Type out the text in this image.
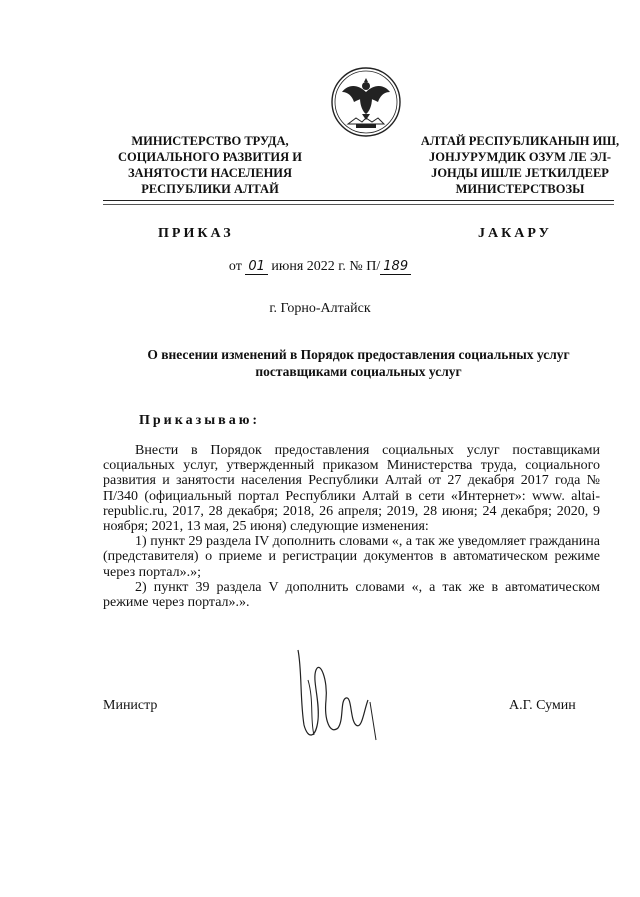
МИНИСТЕРСТВО ТРУДА,
СОЦИАЛЬНОГО РАЗВИТИЯ И
ЗАНЯТОСТИ НАСЕЛЕНИЯ
РЕСПУБЛИКИ АЛТАЙ
АЛТАЙ РЕСПУБЛИКАНЫН ИШ,
ЈОНЈУРУМДИК ОЗУМ ЛЕ ЭЛ-
ЈОНДЫ ИШЛЕ ЈЕТКИЛДЕЕР
МИНИСТЕРСТВОЗЫ
ПРИКАЗ	ЈАКАРУ
от 01 июня 2022 г. № П/ 189
г. Горно-Алтайск
О внесении изменений в Порядок предоставления социальных услуг
поставщиками социальных услуг
Приказываю:

Внести в Порядок предоставления социальных услуг поставщиками социальных услуг, утвержденный приказом Министерства труда, социального развития и занятости населения Республики Алтай от 27 декабря 2017 года № П/340 (официальный портал Республики Алтай в сети «Интернет»: www. altai-republic.ru, 2017, 28 декабря; 2018, 26 апреля; 2019, 28 июня; 24 декабря; 2020, 9 ноября; 2021, 13 мая, 25 июня) следующие изменения:

1) пункт 29 раздела IV дополнить словами «, а так же уведомляет гражданина (представителя) о приеме и регистрации документов в автоматическом режиме через портал».»;

2) пункт 39 раздела V дополнить словами «, а так же в автоматическом режиме через портал».».

Министр	А.Г. Сумин
